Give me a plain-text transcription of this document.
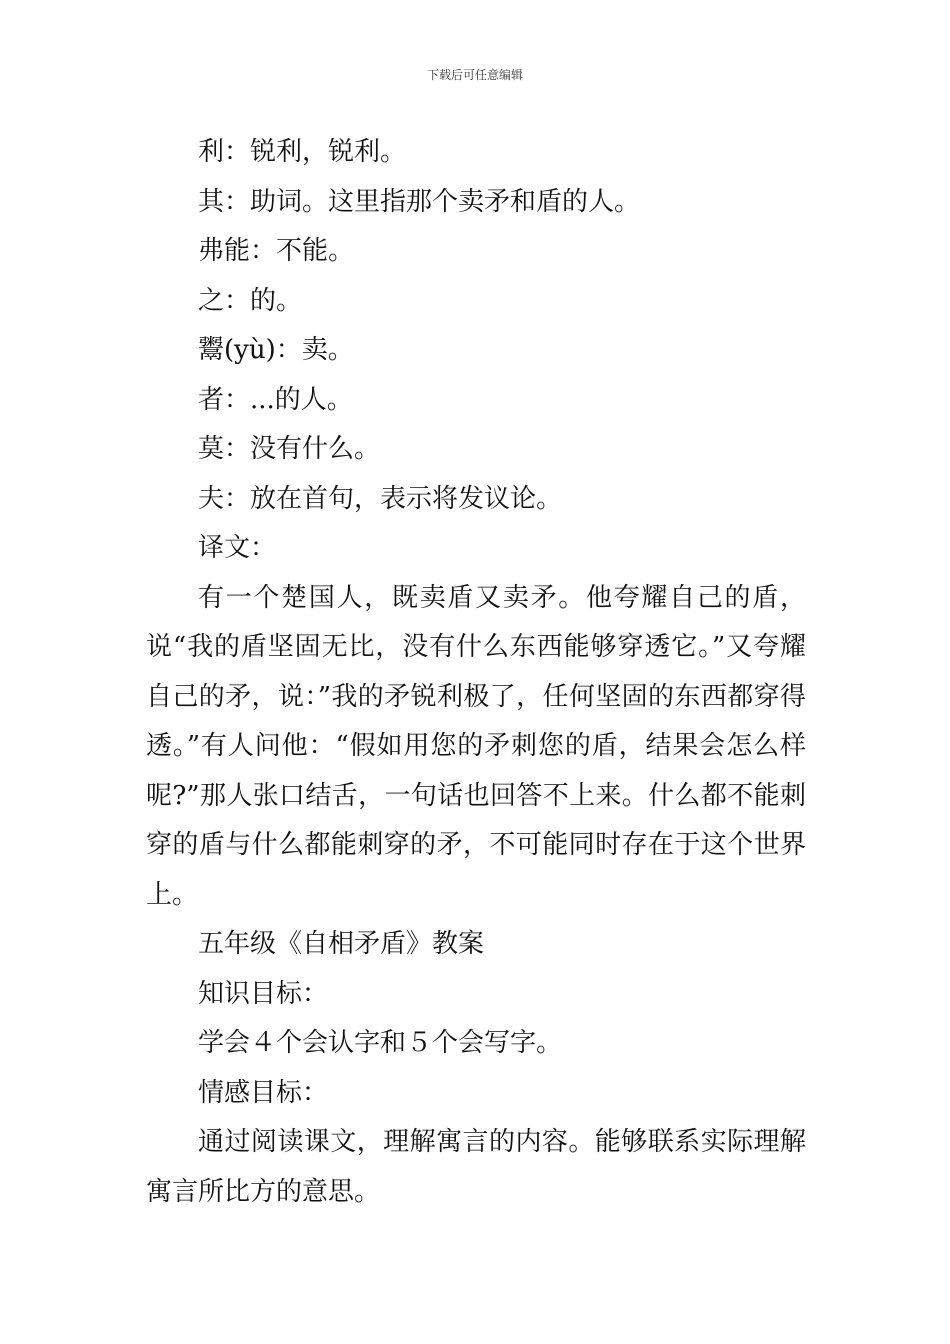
下载后可任意编辑
利：锐利，锐利。
其：助词。这里指那个卖矛和盾的人。
弗能：不能。
之：的。
鬻(yù)：卖。
者：...的人。
莫：没有什么。
夫：放在首句，表示将发议论。
译文：

有一个楚国人，既卖盾又卖矛。他夸耀自己的盾，说“我的盾坚固无比，没有什么东西能够穿透它。”又夸耀自己的矛，说：”我的矛锐利极了，任何坚固的东西都穿得透。”有人问他：“假如用您的矛刺您的盾，结果会怎么样呢?”那人张口结舌，一句话也回答不上来。什么都不能刺穿的盾与什么都能刺穿的矛，不可能同时存在于这个世界上。

五年级《自相矛盾》教案
知识目标：
学会４个会认字和５个会写字。
情感目标：

通过阅读课文，理解寓言的内容。能够联系实际理解寓言所比方的意思。
